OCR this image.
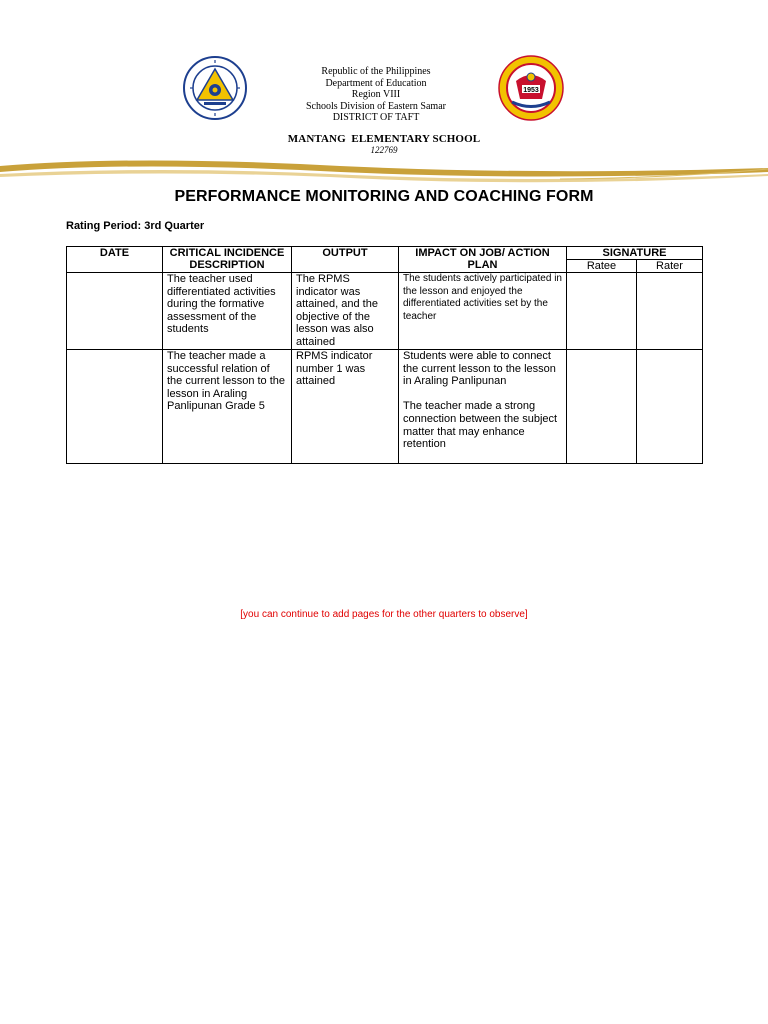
1953
Republic of the Philippines
Department of Education
Region VIII
Schools Division of Eastern Samar
DISTRICT OF TAFT
MANTANG  ELEMENTARY SCHOOL
122769
PERFORMANCE MONITORING AND COACHING FORM
Rating Period: 3rd Quarter
DATE	CRITICAL INCIDENCE DESCRIPTION	OUTPUT	IMPACT ON JOB/ ACTION PLAN	SIGNATURE	
				Ratee	Rater
	The teacher used differentiated activities during the formative assessment of the students	The RPMS indicator was attained, and the objective of the lesson was also attained	The students actively participated in the lesson and enjoyed the differentiated activities set by the teacher		
	The teacher made a successful relation of the current lesson to the lesson in Araling Panlipunan Grade 5	RPMS indicator number 1 was attained	Students were able to connect the current lesson to the lesson in Araling Panlipunan

The teacher made a strong connection between the subject matter that may enhance retention		
[you can continue to add pages for the other quarters to observe]
